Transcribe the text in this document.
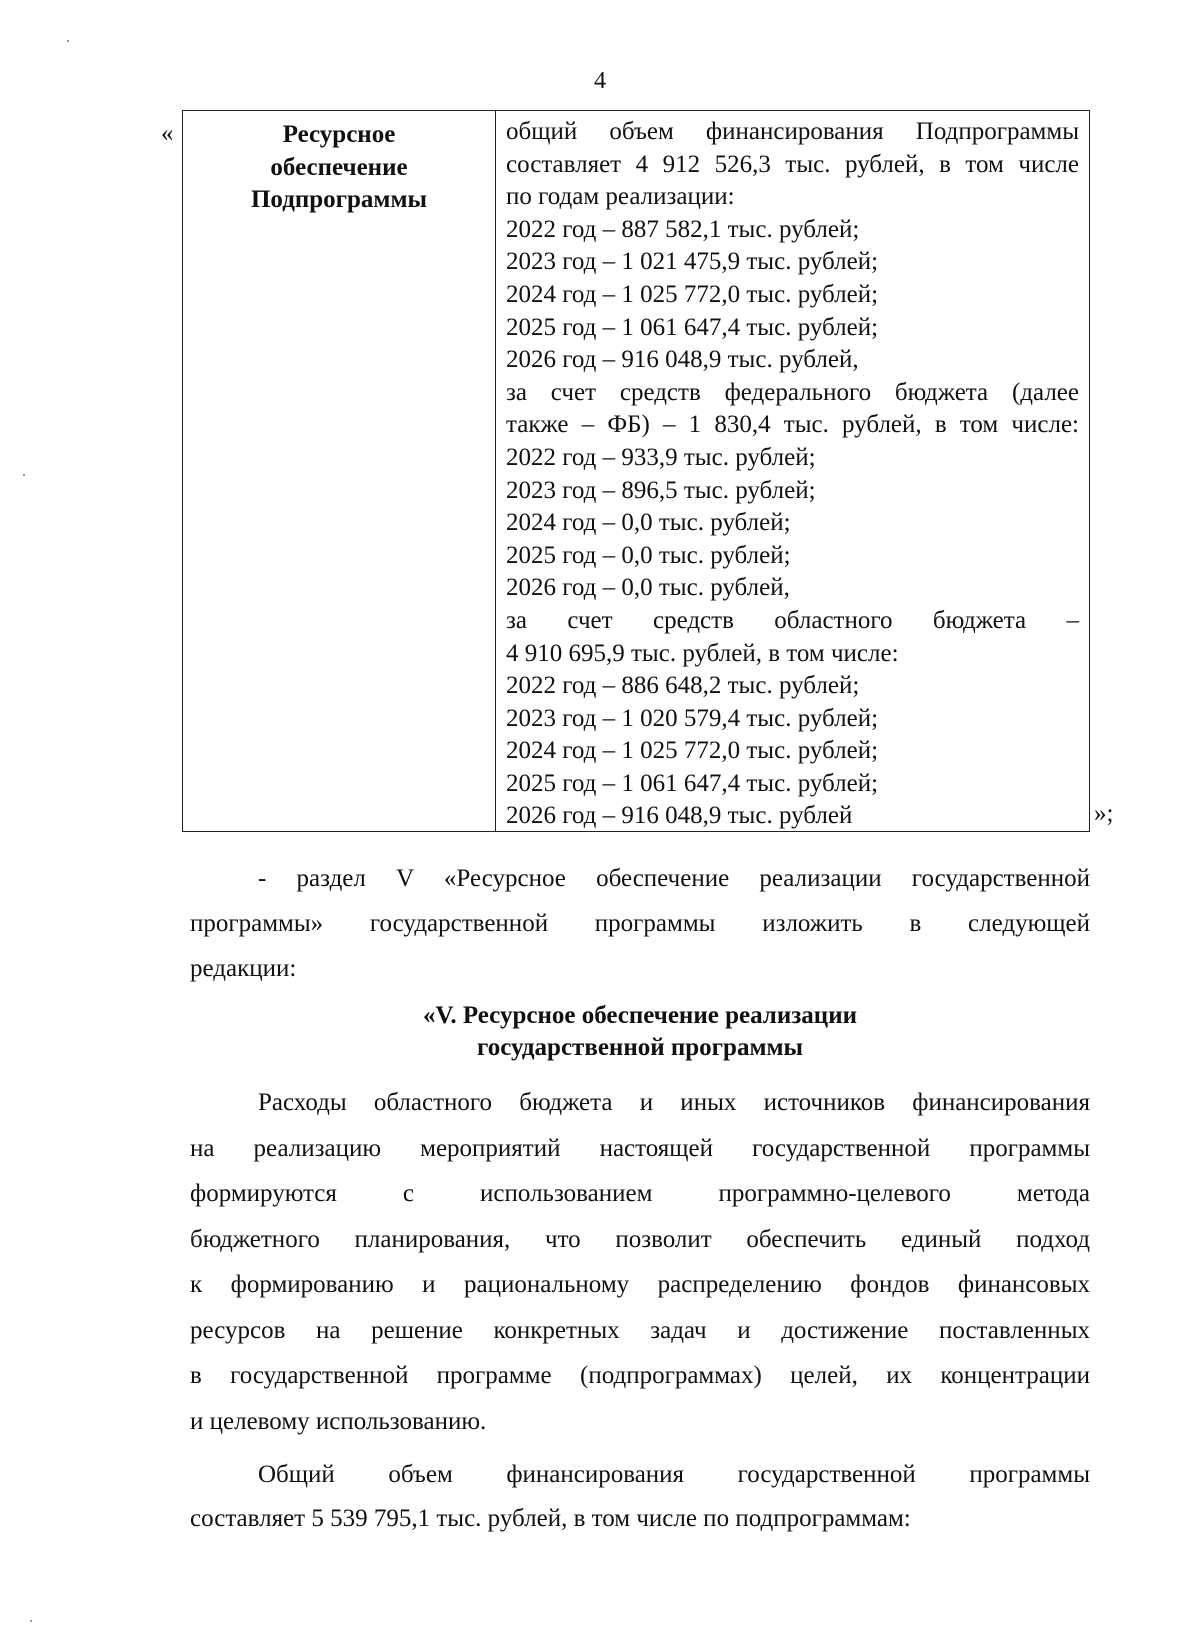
4
«	Ресурсное
обеспечение
Подпрограммы
общий объем финансирования Подпрограммы
составляет 4 912 526,3 тыс. рублей, в том числе
по годам реализации:
2022 год – 887 582,1 тыс. рублей;
2023 год – 1 021 475,9 тыс. рублей;
2024 год – 1 025 772,0 тыс. рублей;
2025 год – 1 061 647,4 тыс. рублей;
2026 год – 916 048,9 тыс. рублей,
за счет средств федерального бюджета (далее
также – ФБ) – 1 830,4 тыс. рублей, в том числе:
2022 год – 933,9 тыс. рублей;
2023 год – 896,5 тыс. рублей;
2024 год – 0,0 тыс. рублей;
2025 год – 0,0 тыс. рублей;
2026 год – 0,0 тыс. рублей,
за счет средств областного бюджета –
4 910 695,9 тыс. рублей, в том числе:
2022 год – 886 648,2 тыс. рублей;
2023 год – 1 020 579,4 тыс. рублей;
2024 год – 1 025 772,0 тыс. рублей;
2025 год – 1 061 647,4 тыс. рублей;
2026 год – 916 048,9 тыс. рублей	»;
- раздел V «Ресурсное обеспечение реализации государственной
программы» государственной программы изложить в следующей
редакции:
«V. Ресурсное обеспечение реализации
государственной программы
Расходы областного бюджета и иных источников финансирования
на реализацию мероприятий настоящей государственной программы
формируются с использованием программно-целевого метода
бюджетного планирования, что позволит обеспечить единый подход
к формированию и рациональному распределению фондов финансовых
ресурсов на решение конкретных задач и достижение поставленных
в государственной программе (подпрограммах) целей, их концентрации
и целевому использованию.
Общий объем финансирования государственной программы
составляет 5 539 795,1 тыс. рублей, в том числе по подпрограммам:
